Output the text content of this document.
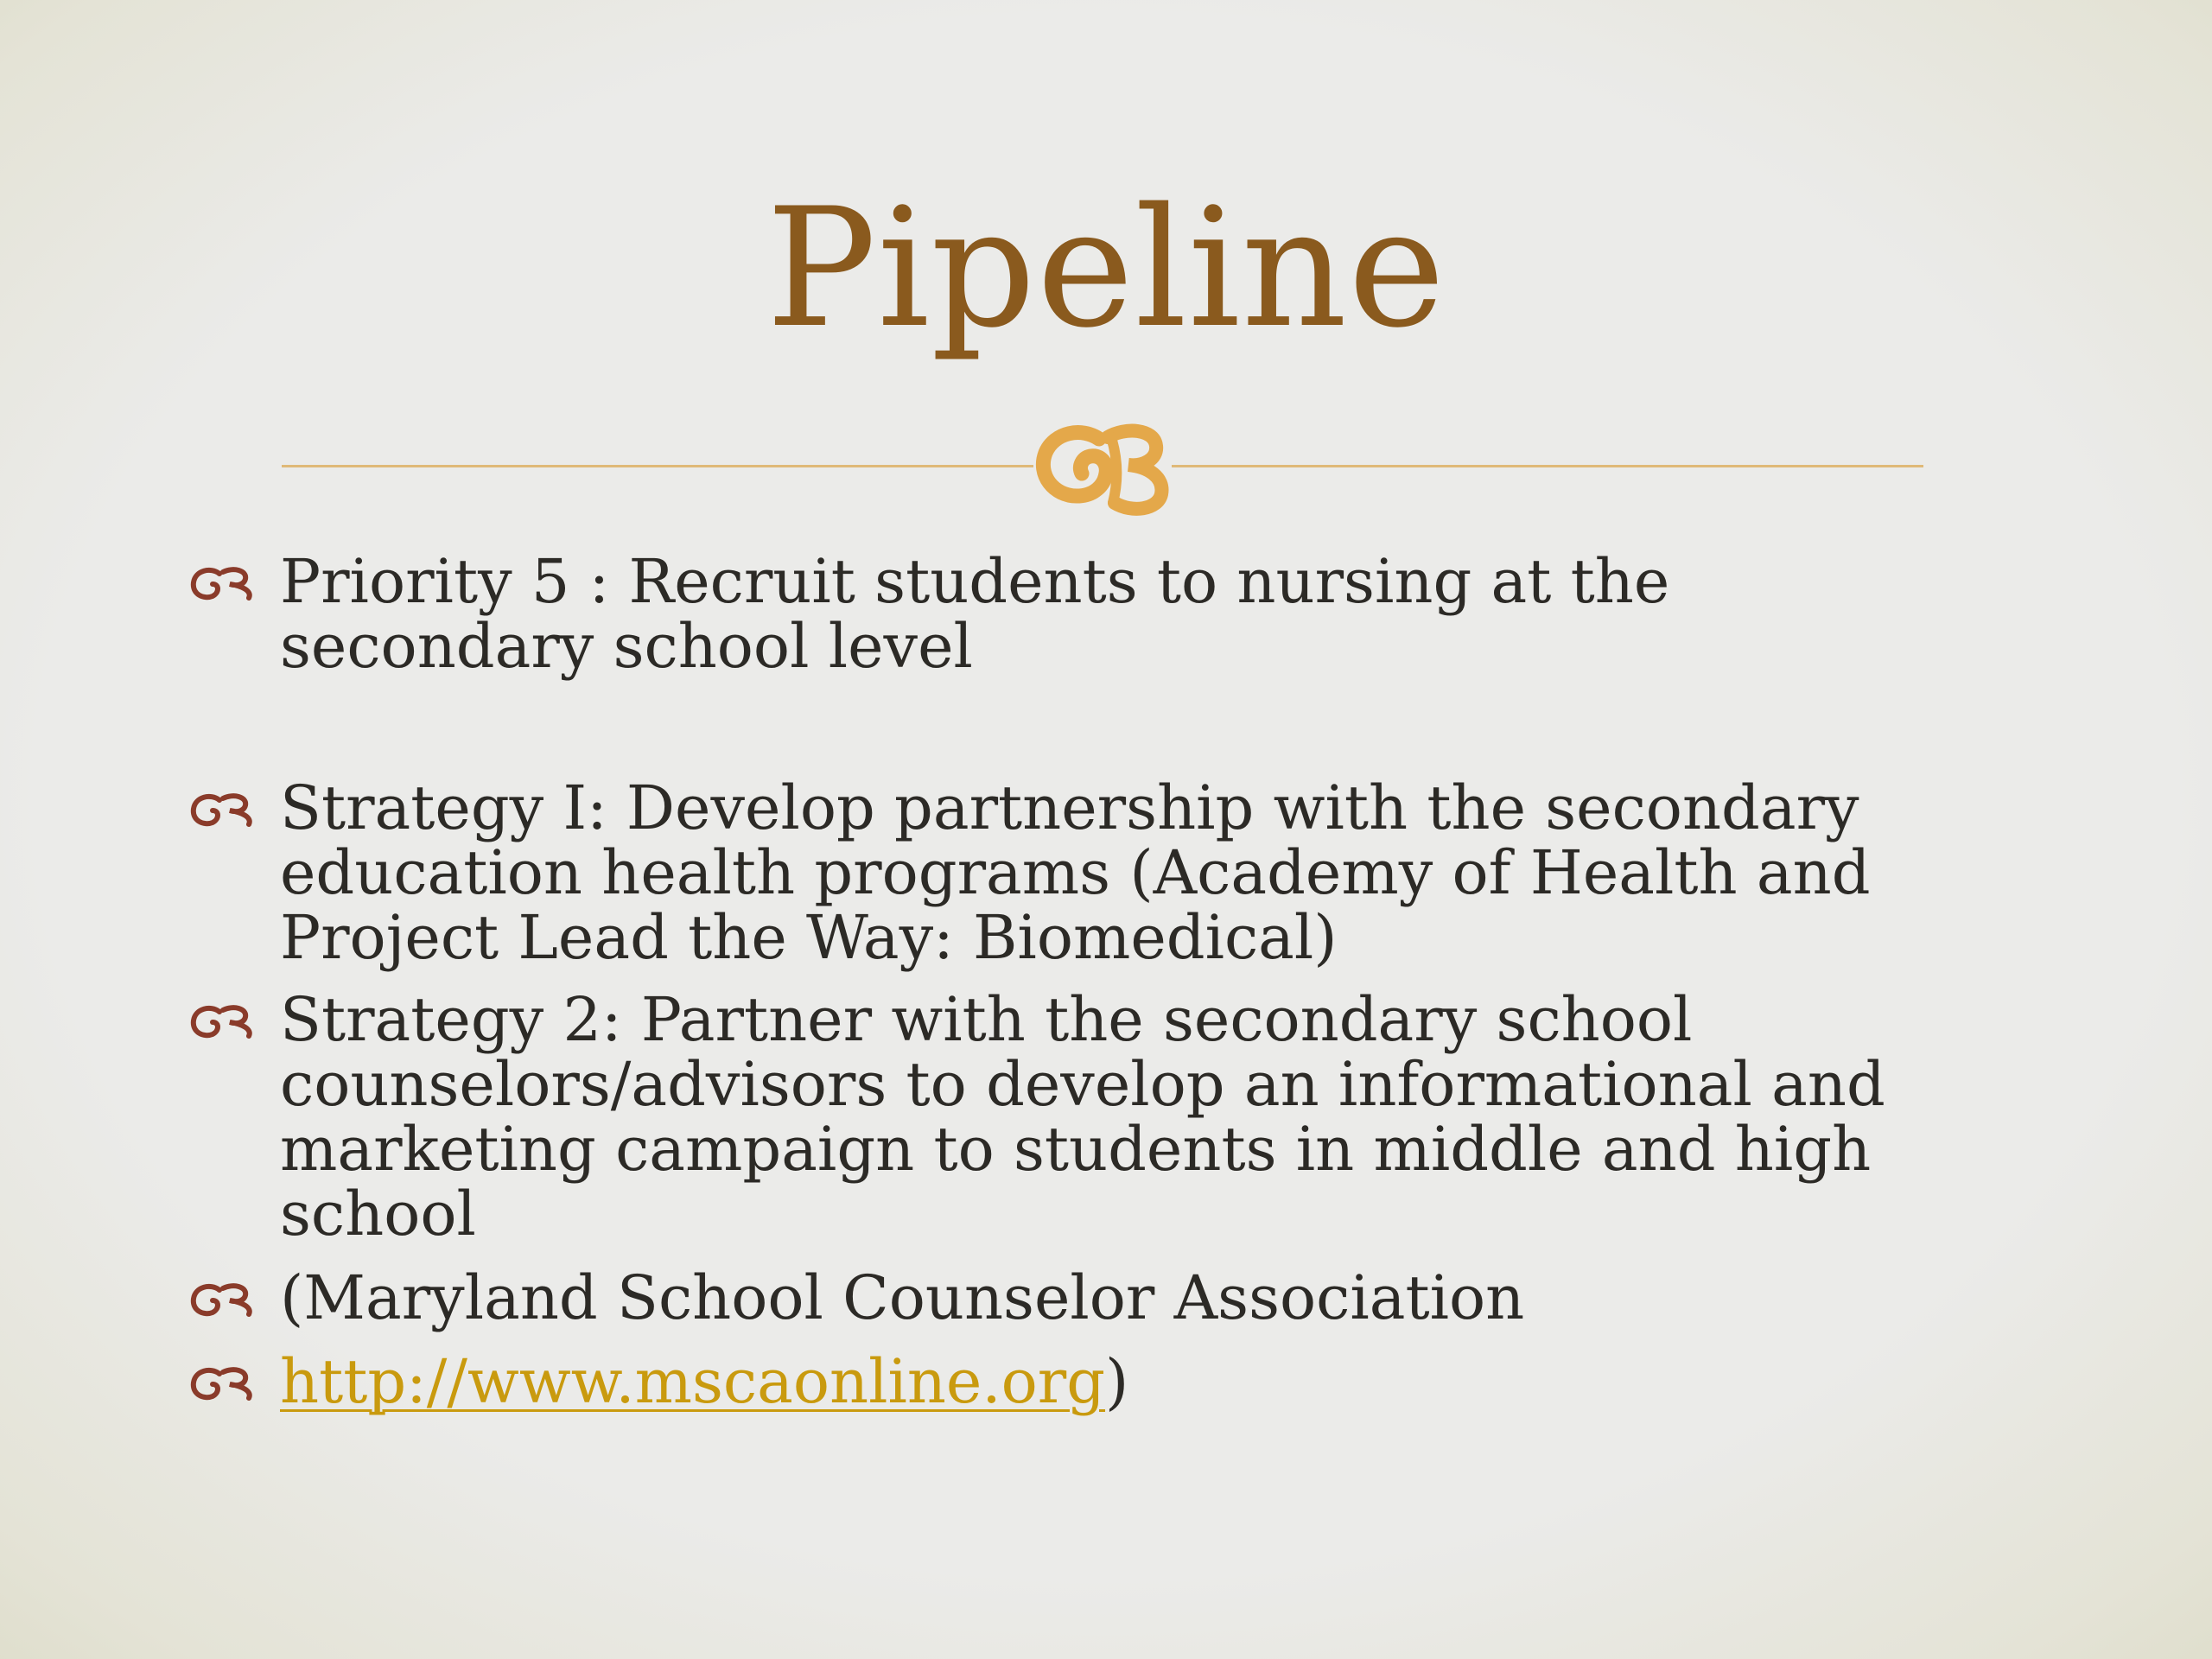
Pipeline
Priority 5 : Recruit students to nursing at the secondary school level
Strategy I: Develop partnership with the secondary education health programs (Academy of Health and Project Lead the Way: Biomedical)
Strategy 2: Partner with the secondary school counselors/advisors to develop an informational and marketing campaign to students in middle and high school
(Maryland School Counselor Association
http://www.mscaonline.org)
